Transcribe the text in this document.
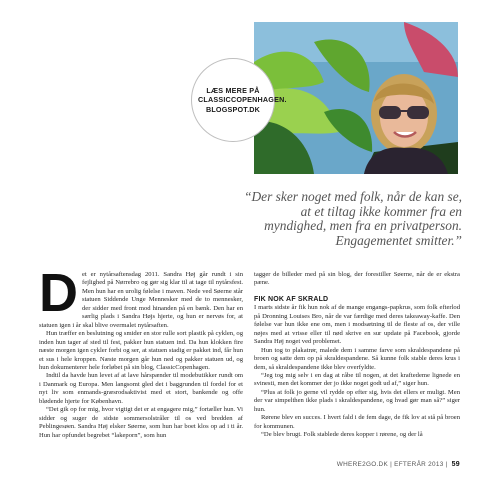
LÆS MERE PÅ CLASSICCOPENHAGEN. BLOGSPOT.DK
“Der sker noget med folk, når de kan se, at et tiltag ikke kommer fra en myndighed, men fra en privatperson. Engagementet smitter.”

Det er nytårsaftensdag 2011. Sandra Høj går rundt i sin fejlighed på Nørrebro og gør sig klar til at tage til nytårsfest. Men hun har en urolig følelse i maven. Nede ved Søerne står statuen Siddende Unge Mennesker med de to mennesker, der sidder med front mod hinanden på en bænk. Den har en særlig plads i Sandra Højs hjerte, og hun er nervøs for, at statuen igen i år skal blive overmalet nytårsaften.

Hun træffer en beslutning og smider en stor rulle sort plastik på cyklen, og inden hun tager af sted til fest, pakker hun statuen ind. Da hun klokken fire næste morgen igen cykler forbi og ser, at statuen stadig er pakket ind, får hun et sus i hele kroppen. Næste morgen går hun ned og pakker statuen ud, og hun dokumenterer hele forløbet på sin blog, ClassicCopenhagen.

Indtil da havde hun levet af at lave hårspænder til modebutikker rundt om i Danmark og Europa. Men langsomt gled det i baggrunden til fordel for et nyt liv som enmands-græsrodsaktivist med et stort, bankende og offe blødende hjerte for København.

“Det gik op for mig, hvor vigtigt det er at engagere mig,” fortæller hun. Vi sidder og suger de sidste sommersolstråler til os ved bredden af Peblingesøen. Sandra Høj elsker Søerne, som hun har boet klos op ad i ti år. Hun har opfundet begrebet “lakeporn”, som hun

tagger de billeder med på sin blog, der forestiller Søerne, når de er ekstra pæne.

FIK NOK AF SKRALD

I marts sidste år fik hun nok af de mange engangs-papkrus, som folk efterlod på Dronning Louises Bro, når de var færdige med deres takeaway-kaffe. Den følelse var hun ikke ene om, men i modsætning til de fleste af os, der ville nøjes med at vrisse eller til nød skrive en sur update på Facebook, gjorde Sandra Høj noget ved problemet.

Hun tog to plakatrør, malede dem i samme farve som skraldespandene på broen og satte dem op på skraldespandene. Så kunne folk stable deres krus i dem, så skraldespandene ikke blev overfyldte.

“Jeg tog mig selv i en dag at råbe til nogen, at det kraftedeme lignede en svinesti, men det kommer der jo ikke noget godt ud af,” siger hun.

“Plus at folk jo gerne vil rydde op efter sig, hvis det ellers er muligt. Men der var simpelthen ikke plads i skraldespandene, og hvad gør man så?” siger hun.

Rørene blev en succes. I hvert fald i de fem dage, de fik lov at stå på broen for kommunen.

“De blev brugt. Folk stablede deres kopper i rørene, og der lå

WHERE2GO.DK | EFTERÅR 2013 | 59
